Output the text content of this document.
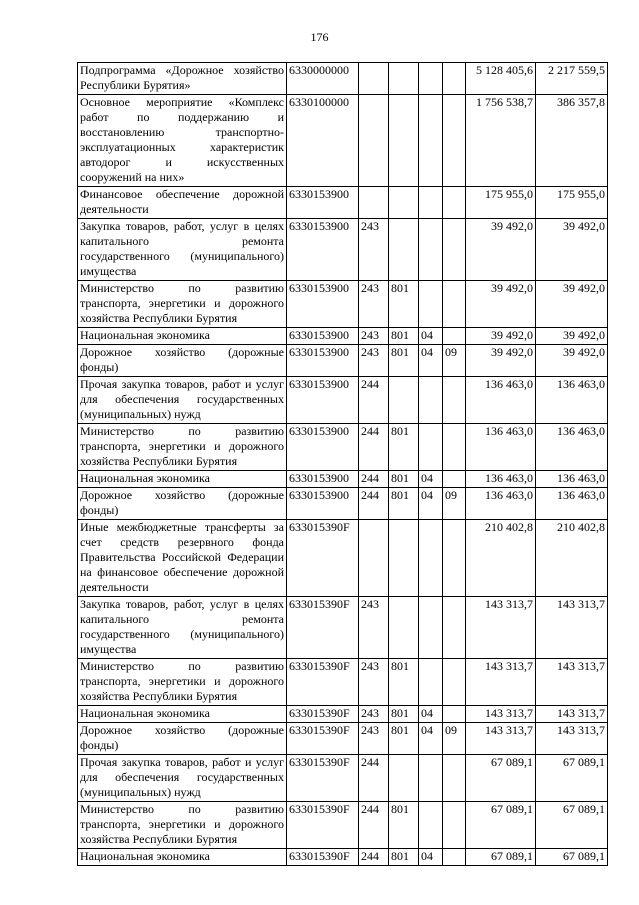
176
Подпрограмма «Дорожное хозяйство Республики Бурятия»	6330000000					5 128 405,6	2 217 559,5
Основное мероприятие «Комплекс работ по поддержанию и восстановлению транспортно-эксплуатационных характеристик автодорог и искусственных сооружений на них»	6330100000					1 756 538,7	386 357,8
Финансовое обеспечение дорожной деятельности	6330153900					175 955,0	175 955,0
Закупка товаров, работ, услуг в целях капитального ремонта государственного (муниципального) имущества	6330153900	243				39 492,0	39 492,0
Министерство по развитию транспорта, энергетики и дорожного хозяйства Республики Бурятия	6330153900	243	801			39 492,0	39 492,0
Национальная экономика	6330153900	243	801	04		39 492,0	39 492,0
Дорожное хозяйство (дорожные фонды)	6330153900	243	801	04	09	39 492,0	39 492,0
Прочая закупка товаров, работ и услуг для обеспечения государственных (муниципальных) нужд	6330153900	244				136 463,0	136 463,0
Министерство по развитию транспорта, энергетики и дорожного хозяйства Республики Бурятия	6330153900	244	801			136 463,0	136 463,0
Национальная экономика	6330153900	244	801	04		136 463,0	136 463,0
Дорожное хозяйство (дорожные фонды)	6330153900	244	801	04	09	136 463,0	136 463,0
Иные межбюджетные трансферты за счет средств резервного фонда Правительства Российской Федерации на финансовое обеспечение дорожной деятельности	633015390F					210 402,8	210 402,8
Закупка товаров, работ, услуг в целях капитального ремонта государственного (муниципального) имущества	633015390F	243				143 313,7	143 313,7
Министерство по развитию транспорта, энергетики и дорожного хозяйства Республики Бурятия	633015390F	243	801			143 313,7	143 313,7
Национальная экономика	633015390F	243	801	04		143 313,7	143 313,7
Дорожное хозяйство (дорожные фонды)	633015390F	243	801	04	09	143 313,7	143 313,7
Прочая закупка товаров, работ и услуг для обеспечения государственных (муниципальных) нужд	633015390F	244				67 089,1	67 089,1
Министерство по развитию транспорта, энергетики и дорожного хозяйства Республики Бурятия	633015390F	244	801			67 089,1	67 089,1
Национальная экономика	633015390F	244	801	04		67 089,1	67 089,1
